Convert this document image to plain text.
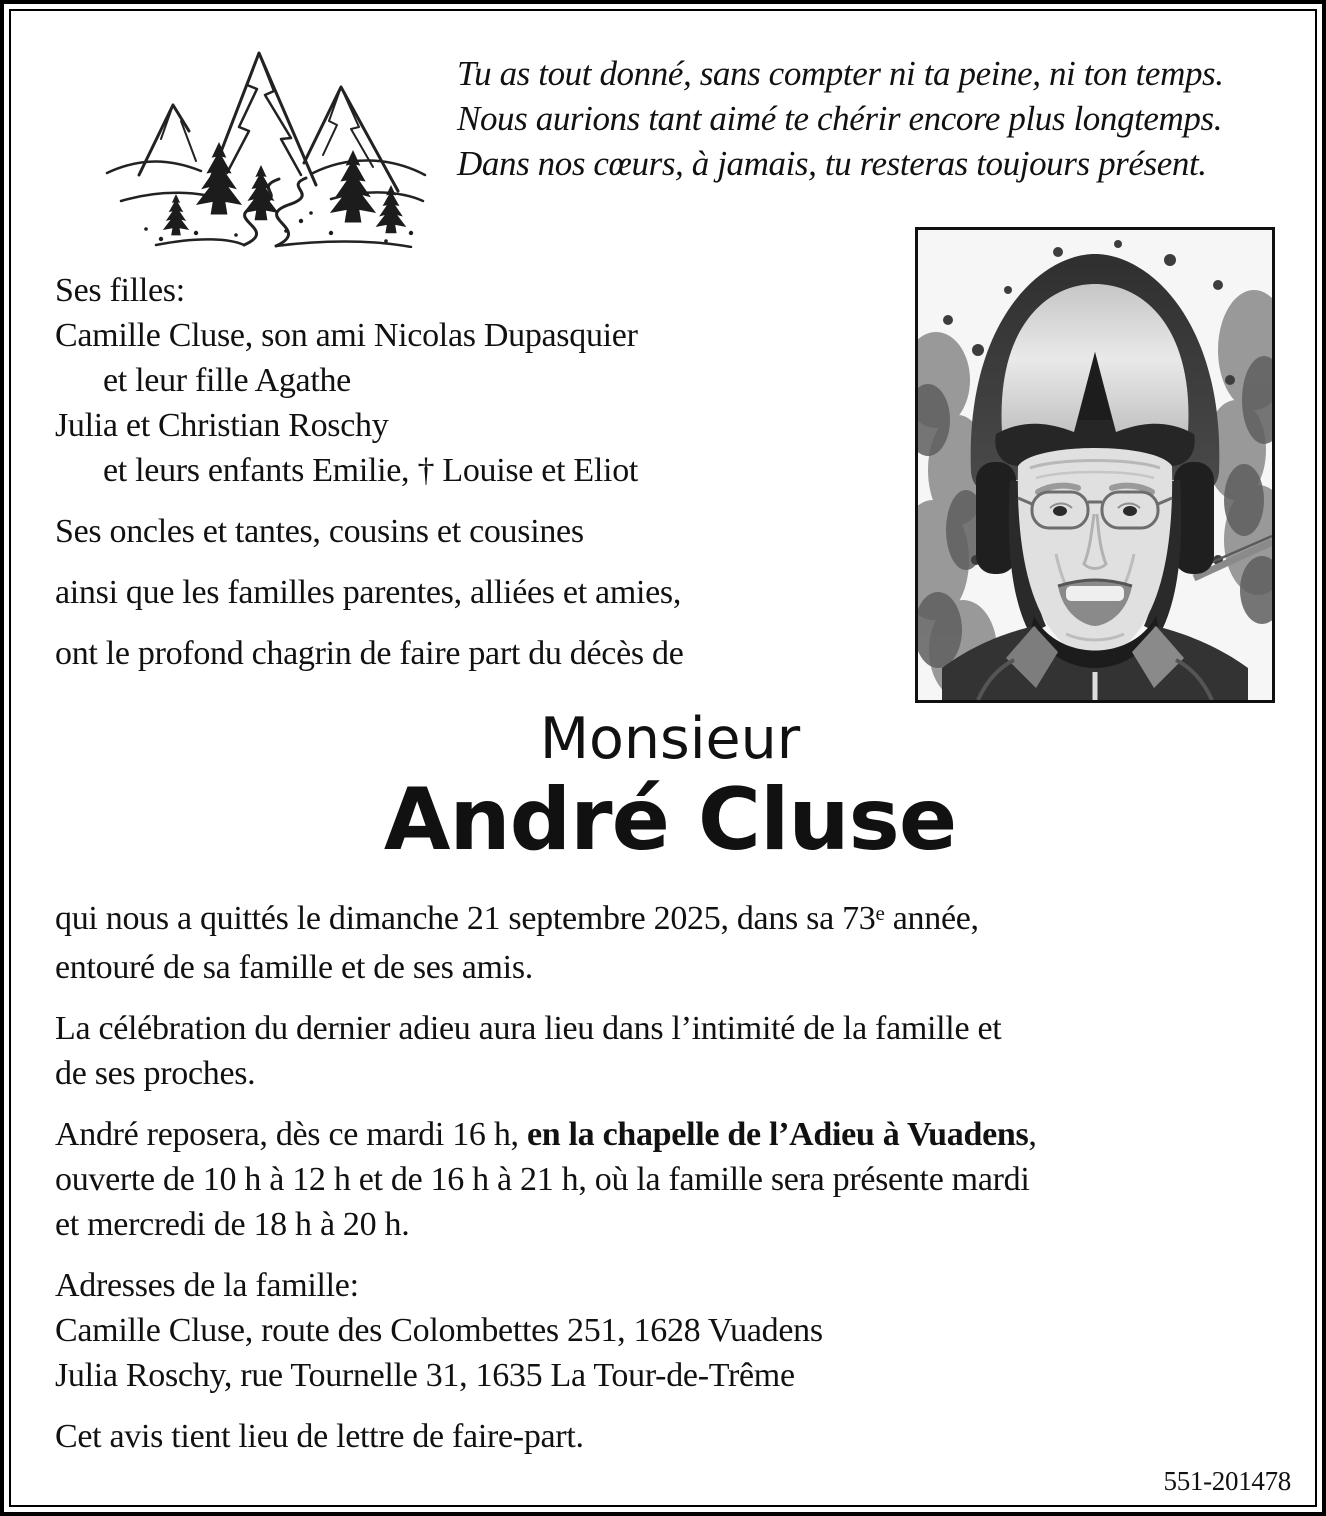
Tu as tout donné, sans compter ni ta peine, ni ton temps.
Nous aurions tant aimé te chérir encore plus longtemps.
Dans nos cœurs, à jamais, tu resteras toujours présent.
Ses filles:
Camille Cluse, son ami Nicolas Dupasquier
et leur fille Agathe
Julia et Christian Roschy
et leurs enfants Emilie, † Louise et Eliot
Ses oncles et tantes, cousins et cousines
ainsi que les familles parentes, alliées et amies,
ont le profond chagrin de faire part du décès de
Monsieur
André Cluse
qui nous a quittés le dimanche 21 septembre 2025, dans sa 73e année,
entouré de sa famille et de ses amis.
La célébration du dernier adieu aura lieu dans l’intimité de la famille et
de ses proches.
André reposera, dès ce mardi 16 h, en la chapelle de l’Adieu à Vuadens,
ouverte de 10 h à 12 h et de 16 h à 21 h, où la famille sera présente mardi
et mercredi de 18 h à 20 h.
Adresses de la famille:
Camille Cluse, route des Colombettes 251, 1628 Vuadens
Julia Roschy, rue Tournelle 31, 1635 La Tour-de-Trême
Cet avis tient lieu de lettre de faire-part.
551-201478
